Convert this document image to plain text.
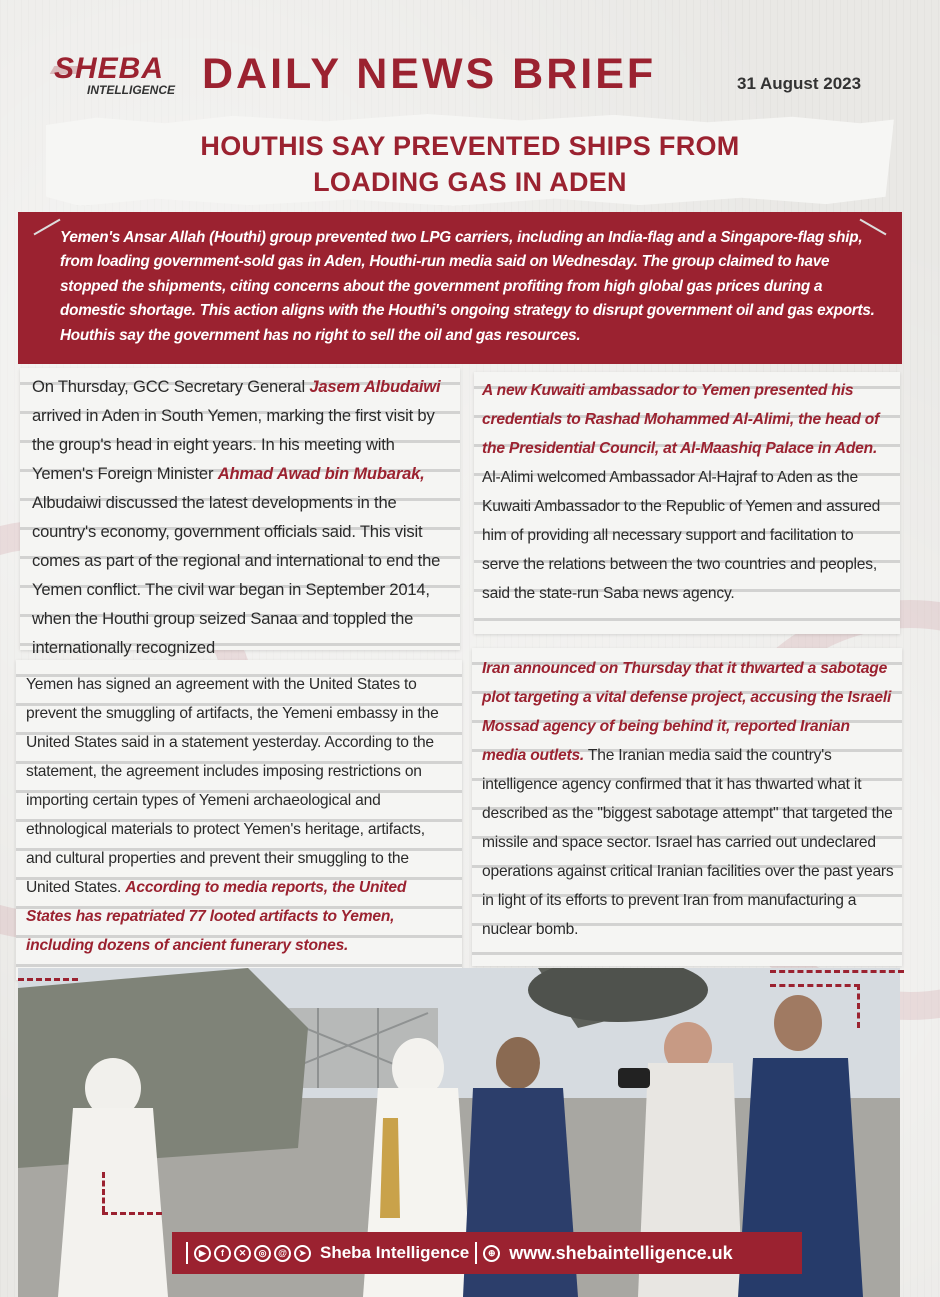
SHEBA
INTELLIGENCE DAILY NEWS BRIEF	31 August 2023
HOUTHIS SAY PREVENTED SHIPS FROM
LOADING GAS IN ADEN

Yemen's Ansar Allah (Houthi) group prevented two LPG carriers, including an India-flag and a Singapore-flag ship, from loading government-sold gas in Aden, Houthi-run media said on Wednesday. The group claimed to have stopped the shipments, citing concerns about the government profiting from high global gas prices during a domestic shortage. This action aligns with the Houthi's ongoing strategy to disrupt government oil and gas exports. Houthis say the government has no right to sell the oil and gas resources.

On Thursday, GCC Secretary General Jasem Albudaiwi arrived in Aden in South Yemen, marking the first visit by the group's head in eight years. In his meeting with Yemen's Foreign Minister Ahmad Awad bin Mubarak, Albudaiwi discussed the latest developments in the country's economy, government officials said. This visit comes as part of the regional and international to end the Yemen conflict. The civil war began in September 2014, when the Houthi group seized Sanaa and toppled the internationally recognized

A new Kuwaiti ambassador to Yemen presented his credentials to Rashad Mohammed Al-Alimi, the head of the Presidential Council, at Al-Maashiq Palace in Aden. Al-Alimi welcomed Ambassador Al-Hajraf to Aden as the Kuwaiti Ambassador to the Republic of Yemen and assured him of providing all necessary support and facilitation to serve the relations between the two countries and peoples, said the state-run Saba news agency.

Yemen has signed an agreement with the United States to prevent the smuggling of artifacts, the Yemeni embassy in the United States said in a statement yesterday. According to the statement, the agreement includes imposing restrictions on importing certain types of Yemeni archaeological and ethnological materials to protect Yemen's heritage, artifacts, and cultural properties and prevent their smuggling to the United States. According to media reports, the United States has repatriated 77 looted artifacts to Yemen, including dozens of ancient funerary stones.

Iran announced on Thursday that it thwarted a sabotage plot targeting a vital defense project, accusing the Israeli Mossad agency of being behind it, reported Iranian media outlets. The Iranian media said the country's intelligence agency confirmed that it has thwarted what it described as the "biggest sabotage attempt" that targeted the missile and space sector. Israel has carried out undeclared operations against critical Iranian facilities over the past years in light of its efforts to prevent Iran from manufacturing a nuclear bomb.

▶	f	✕	◎	@	➤ Sheba Intelligence	⊕ www.shebaintelligence.uk
